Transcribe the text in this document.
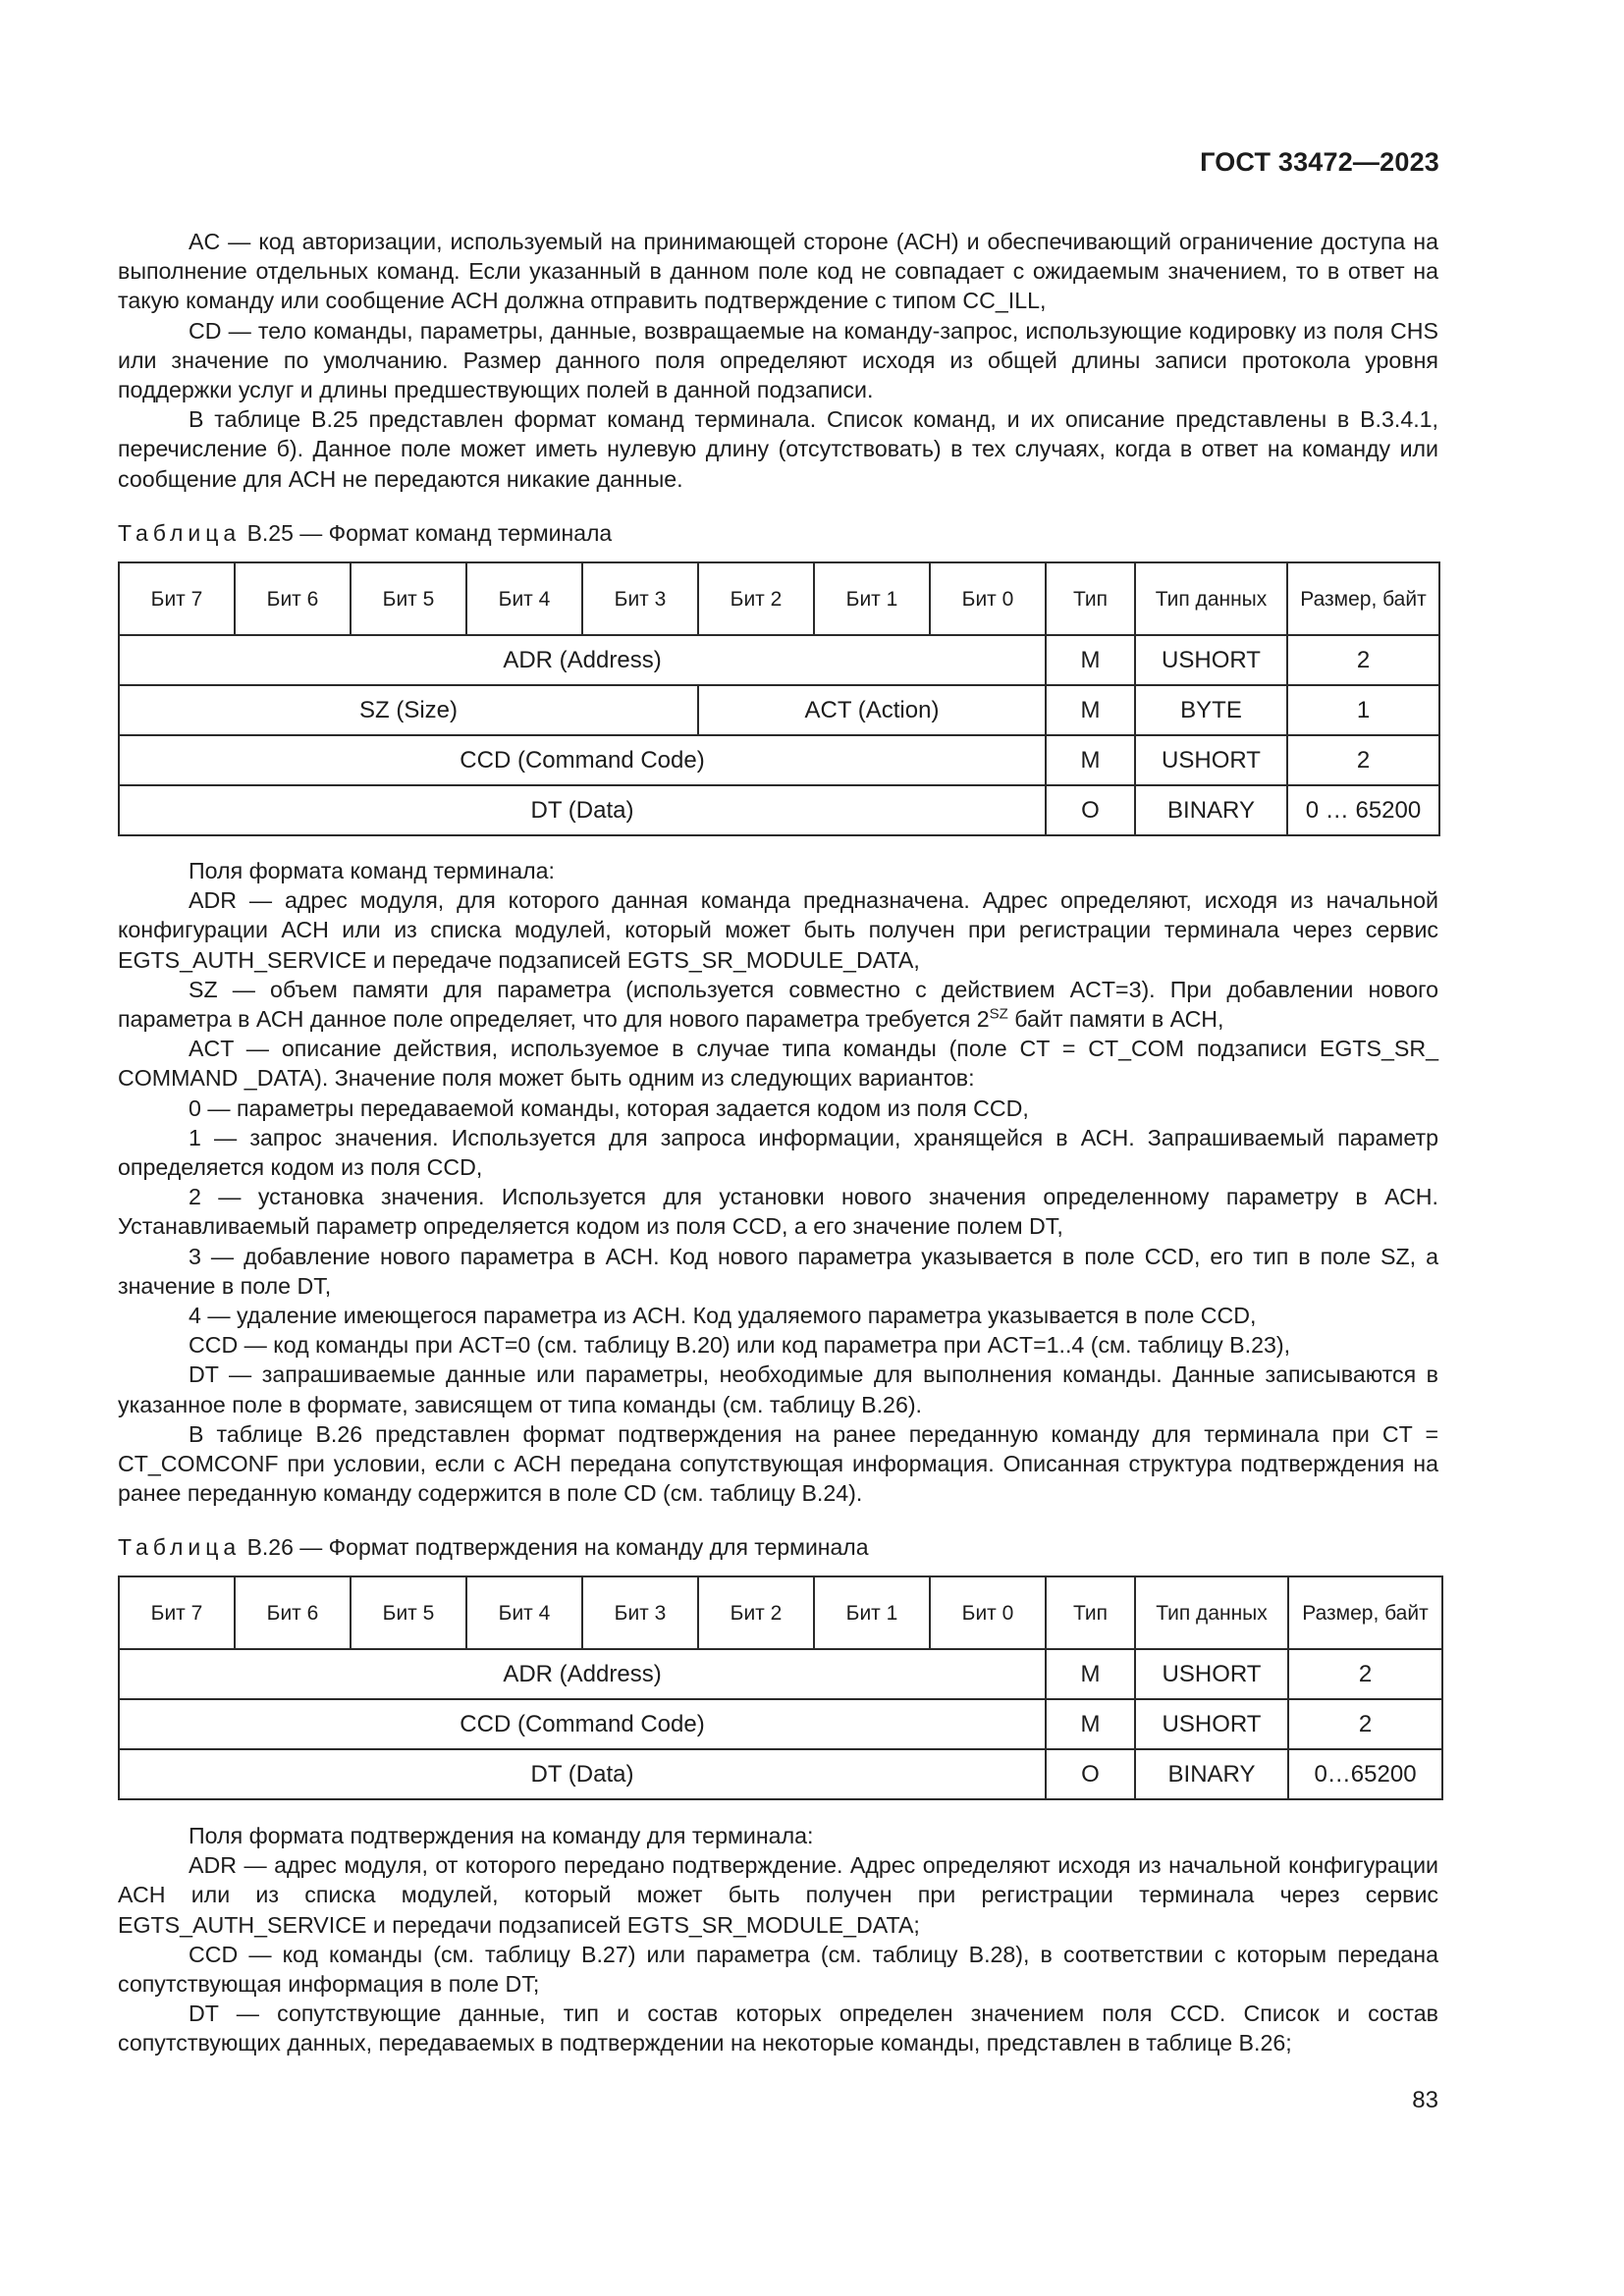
ГОСТ 33472—2023

AC — код авторизации, используемый на принимающей стороне (АСН) и обеспечивающий ограничение доступа на выполнение отдельных команд. Если указанный в данном поле код не совпадает с ожидаемым значением, то в ответ на такую команду или сообщение АСН должна отправить подтверждение с типом CC_ILL,

CD — тело команды, параметры, данные, возвращаемые на команду-запрос, использующие кодировку из поля CHS или значение по умолчанию. Размер данного поля определяют исходя из общей длины записи протокола уровня поддержки услуг и длины предшествующих полей в данной подзаписи.

В таблице В.25 представлен формат команд терминала. Список команд, и их описание представлены в В.3.4.1, перечисление б). Данное поле может иметь нулевую длину (отсутствовать) в тех случаях, когда в ответ на команду или сообщение для АСН не передаются никакие данные.

Таблица В.25 — Формат команд терминала
Бит 7	Бит 6	Бит 5	Бит 4	Бит 3	Бит 2	Бит 1	Бит 0	Тип	Тип данных	Размер, байт
ADR (Address)								M	USHORT	2
SZ (Size)					ACT (Action)			M	BYTE	1
CCD (Command Code)								M	USHORT	2
DT (Data)								O	BINARY	0 … 65200

Поля формата команд терминала:

ADR — адрес модуля, для которого данная команда предназначена. Адрес определяют, исходя из начальной конфигурации АСН или из списка модулей, который может быть получен при регистрации терминала через сервис EGTS_AUTH_SERVICE и передаче подзаписей EGTS_SR_MODULE_DATA,

SZ — объем памяти для параметра (используется совместно с действием ACT=3). При добавлении нового параметра в АСН данное поле определяет, что для нового параметра требуется $2^{SZ}$ байт памяти в АСН,

ACT — описание действия, используемое в случае типа команды (поле CT = CT_COM подзаписи EGTS_SR_ COMMAND _DATA). Значение поля может быть одним из следующих вариантов:

0 — параметры передаваемой команды, которая задается кодом из поля CCD,

1 — запрос значения. Используется для запроса информации, хранящейся в АСН. Запрашиваемый параметр определяется кодом из поля CCD,

2 — установка значения. Используется для установки нового значения определенному параметру в АСН. Устанавливаемый параметр определяется кодом из поля CCD, а его значение полем DT,

3 — добавление нового параметра в АСН. Код нового параметра указывается в поле CCD, его тип в поле SZ, а значение в поле DT,

4 — удаление имеющегося параметра из АСН. Код удаляемого параметра указывается в поле CCD,

CCD — код команды при ACT=0 (см. таблицу В.20) или код параметра при ACT=1..4 (см. таблицу В.23),

DT — запрашиваемые данные или параметры, необходимые для выполнения команды. Данные записываются в указанное поле в формате, зависящем от типа команды (см. таблицу В.26).

В таблице В.26 представлен формат подтверждения на ранее переданную команду для терминала при CT = CT_COMCONF при условии, если с АСН передана сопутствующая информация. Описанная структура подтверждения на ранее переданную команду содержится в поле CD (см. таблицу В.24).

Таблица В.26 — Формат подтверждения на команду для терминала
Бит 7	Бит 6	Бит 5	Бит 4	Бит 3	Бит 2	Бит 1	Бит 0	Тип	Тип данных	Размер, байт
ADR (Address)								M	USHORT	2
CCD (Command Code)								M	USHORT	2
DT (Data)								O	BINARY	0…65200

Поля формата подтверждения на команду для терминала:

ADR — адрес модуля, от которого передано подтверждение. Адрес определяют исходя из начальной конфигурации АСН или из списка модулей, который может быть получен при регистрации терминала через сервис EGTS_AUTH_SERVICE и передачи подзаписей EGTS_SR_MODULE_DATA;

CCD — код команды (см. таблицу В.27) или параметра (см. таблицу В.28), в соответствии с которым передана сопутствующая информация в поле DT;

DT — сопутствующие данные, тип и состав которых определен значением поля CCD. Список и состав сопутствующих данных, передаваемых в подтверждении на некоторые команды, представлен в таблице В.26;

83
